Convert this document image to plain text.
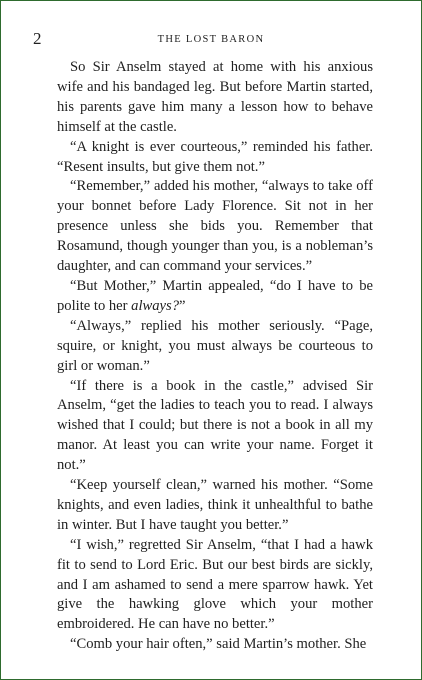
2	THE LOST BARON

So Sir Anselm stayed at home with his anxious wife and his bandaged leg. But before Martin started, his parents gave him many a lesson how to behave himself at the castle.

“A knight is ever courteous,” reminded his father. “Resent insults, but give them not.”

“Remember,” added his mother, “always to take off your bonnet before Lady Florence. Sit not in her presence unless she bids you. Remember that Rosamund, though younger than you, is a nobleman’s daughter, and can command your services.”

“But Mother,” Martin appealed, “do I have to be polite to her always?”

“Always,” replied his mother seriously. “Page, squire, or knight, you must always be courteous to girl or woman.”

“If there is a book in the castle,” advised Sir Anselm, “get the ladies to teach you to read. I always wished that I could; but there is not a book in all my manor. At least you can write your name. Forget it not.”

“Keep yourself clean,” warned his mother. “Some knights, and even ladies, think it unhealthful to bathe in winter. But I have taught you better.”

“I wish,” regretted Sir Anselm, “that I had a hawk fit to send to Lord Eric. But our best birds are sickly, and I am ashamed to send a mere sparrow hawk. Yet give the hawking glove which your mother embroidered. He can have no better.”

“Comb your hair often,” said Martin’s mother. She
